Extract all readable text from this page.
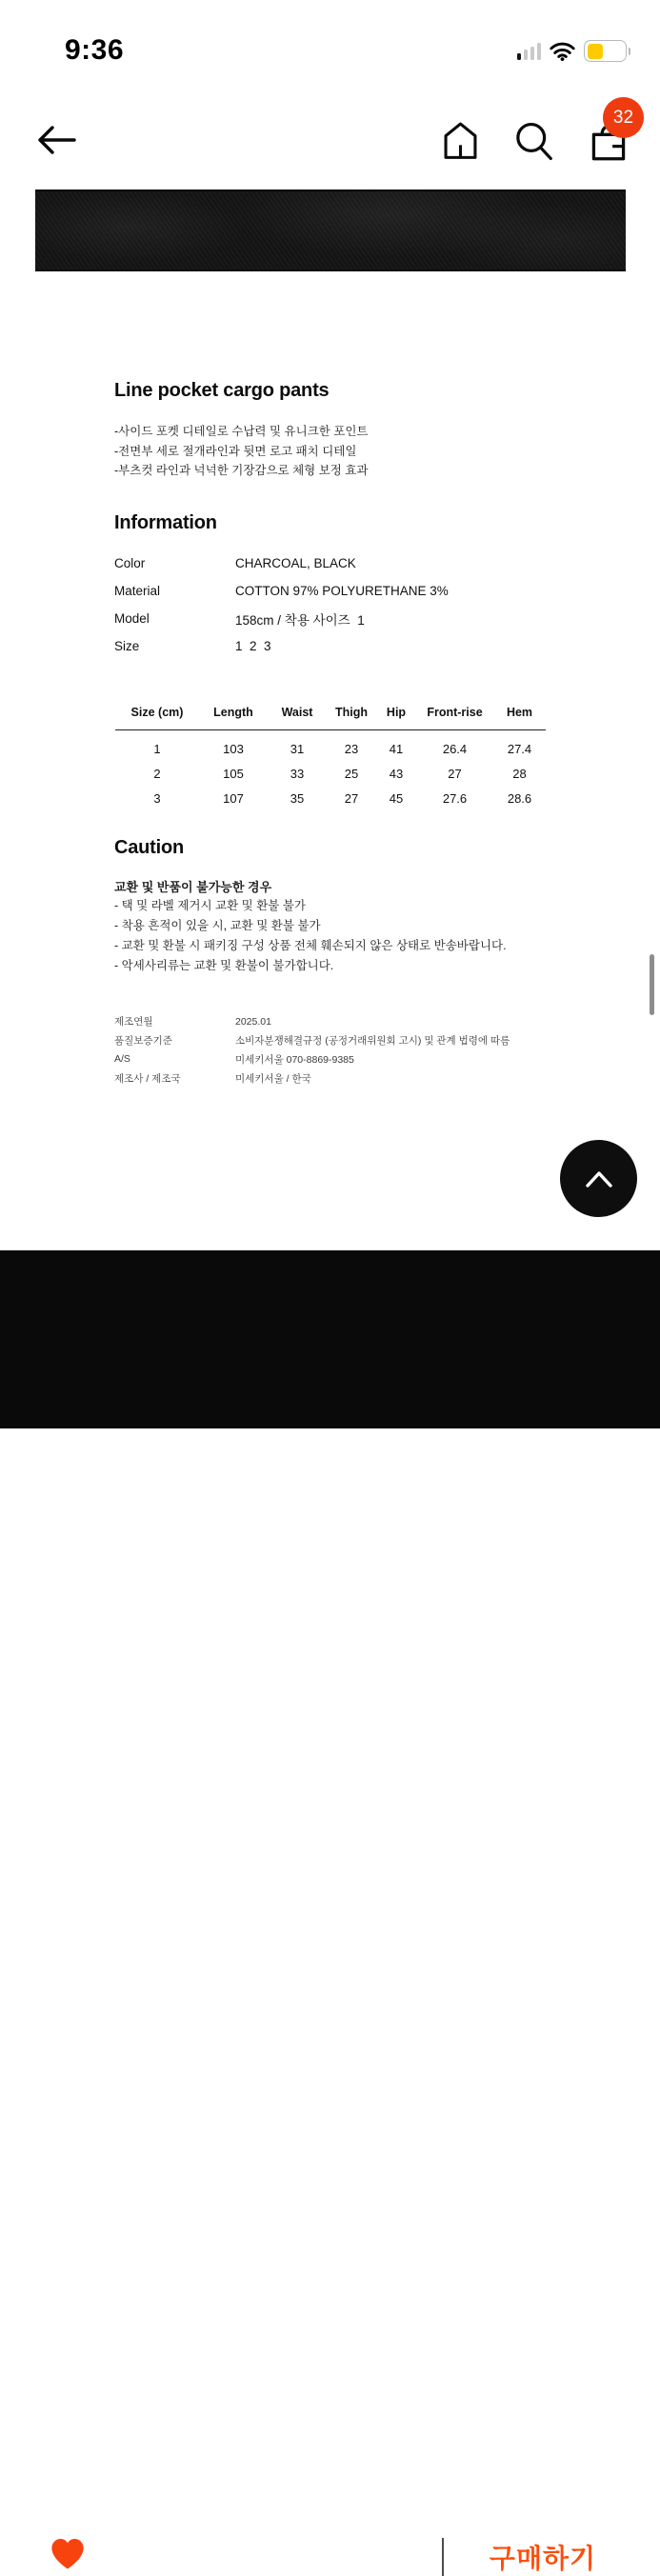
9:36
32
Line pocket cargo pants
-사이드 포켓 디테일로 수납력 및 유니크한 포인트
-전면부 세로 절개라인과 뒷면 로고 패치 디테일
-부츠컷 라인과 넉넉한 기장감으로 체형 보정 효과
Information
Color	CHARCOAL, BLACK
Material	COTTON 97% POLYURETHANE 3%
Model	158cm / 착용 사이즈  1
Size	1  2  3
Size (cm)	Length	Waist	Thigh	Hip	Front-rise	Hem
1	103	31	23	41	26.4	27.4
2	105	33	25	43	27	28
3	107	35	27	45	27.6	28.6
Caution
교환 및 반품이 불가능한 경우
- 택 및 라벨 제거시 교환 및 환불 불가
- 착용 흔적이 있을 시, 교환 및 환불 불가
- 교환 및 환불 시 패키징 구성 상품 전체 훼손되지 않은 상태로 반송바랍니다.
- 악세사리류는 교환 및 환불이 불가합니다.
제조연월	2025.01
품질보증기준	소비자분쟁해결규정 (공정거래위원회 고시) 및 관계 법령에 따름
A/S	미세키서울 070-8869-9385
제조사 / 제조국	미세키서울 / 한국
선물하기	구매하기
